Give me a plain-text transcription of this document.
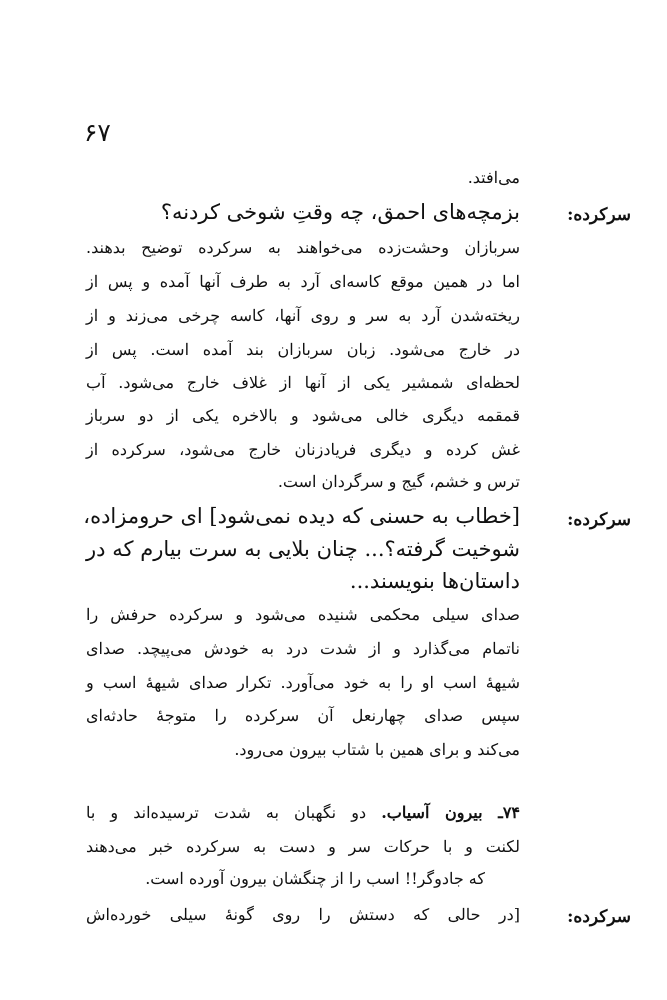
۶۷

می‌افتد.

سرکرده:

بزمچه‌های احمق، چه وقتِ شوخی کردنه؟

سربازان وحشت‌زده می‌خواهند به سرکرده توضیح بدهند.

اما در همین موقع کاسه‌ای آرد به طرف آنها آمده و پس از

ریخته‌شدن آرد به سر و روی آنها، کاسه چرخی می‌زند و از

در خارج می‌شود. زبان سربازان بند آمده است. پس از

لحظه‌ای شمشیر یکی از آنها از غلاف خارج می‌شود. آب

قمقمه دیگری خالی می‌شود و بالاخره یکی از دو سرباز

غش کرده و دیگری فریادزنان خارج می‌شود، سرکرده از

ترس و خشم، گیج و سرگردان است.

سرکرده:

[خطاب به حسنی که دیده نمی‌شود] ای حرومزاده،

شوخیت گرفته؟... چنان بلایی به سرت بیارم که در

داستان‌ها بنویسند...

صدای سیلی محکمی شنیده می‌شود و سرکرده حرفش را

ناتمام می‌گذارد و از شدت درد به خودش می‌پیچد. صدای

شیههٔ اسب او را به خود می‌آورد. تکرار صدای شیههٔ اسب و

سپس صدای چهارنعل آن سرکرده را متوجهٔ حادثه‌ای

می‌کند و برای همین با شتاب بیرون می‌رود.

۷۴ـ بیرون آسیاب. دو نگهبان به شدت ترسیده‌اند و با

لکنت و با حرکات سر و دست به سرکرده خبر می‌دهند

که جادوگر!! اسب را از چنگشان بیرون آورده است.

سرکرده:

[در حالی که دستش را روی گونهٔ سیلی خورده‌اش
